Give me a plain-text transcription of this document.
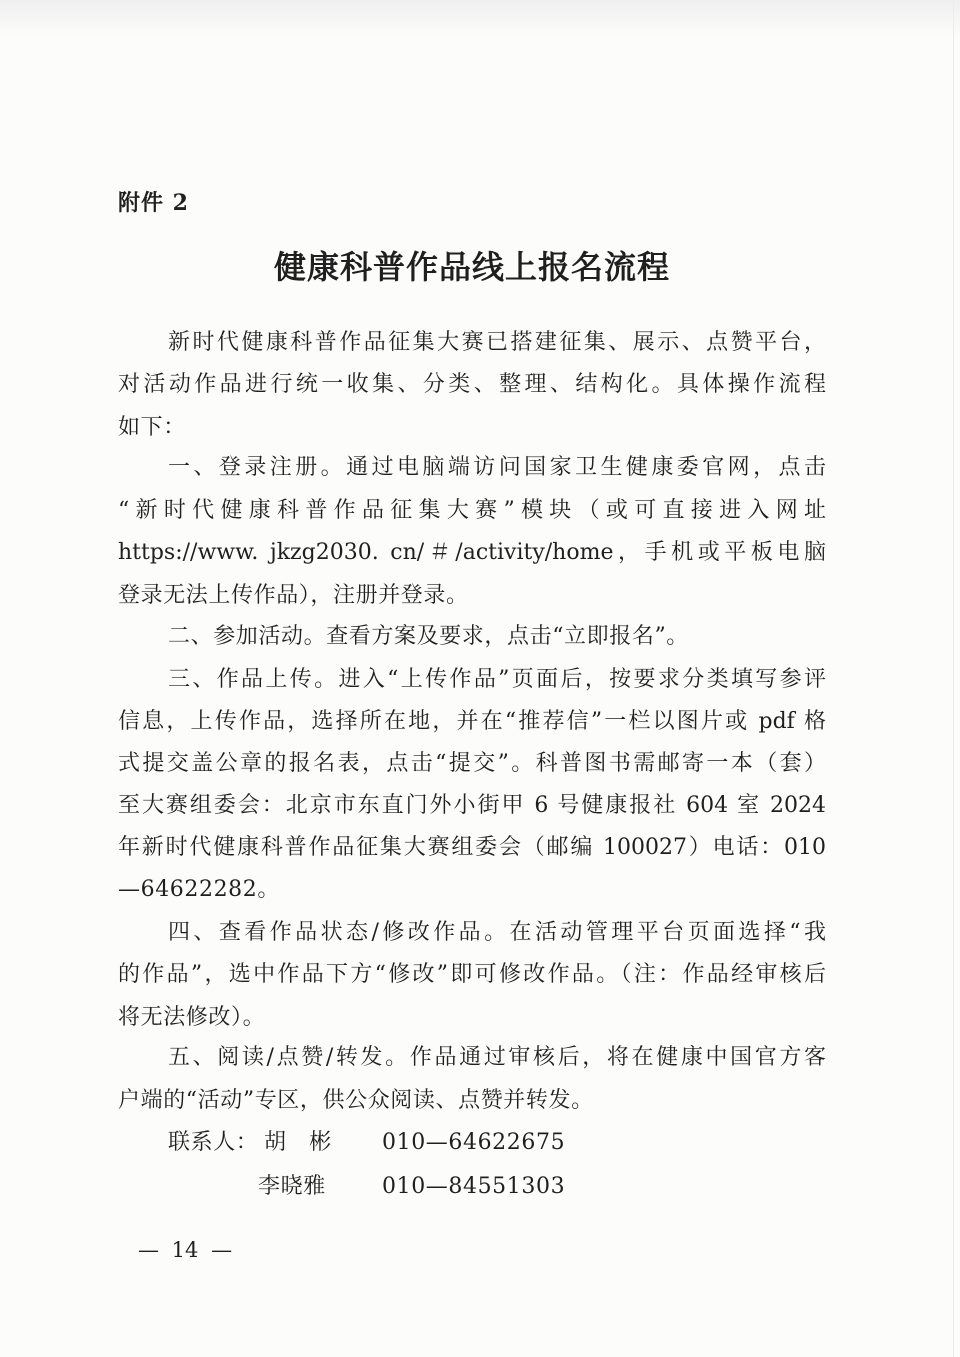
附件 2
健康科普作品线上报名流程
新时代健康科普作品征集大赛已搭建征集、展示、点赞平台，
对活动作品进行统一收集、分类、整理、结构化。具体操作流程
如下：
一、登录注册。通过电脑端访问国家卫生健康委官网，点击
“新时代健康科普作品征集大赛”模块（或可直接进入网址
https://www. jkzg2030. cn/＃/activity/home，手机或平板电脑
登录无法上传作品），注册并登录。
二、参加活动。查看方案及要求，点击“立即报名”。
三、作品上传。进入“上传作品”页面后，按要求分类填写参评
信息，上传作品，选择所在地，并在“推荐信”一栏以图片或 pdf 格
式提交盖公章的报名表，点击“提交”。科普图书需邮寄一本（套）
至大赛组委会：北京市东直门外小街甲 6 号健康报社 604 室 2024
年新时代健康科普作品征集大赛组委会（邮编 100027）电话：010
—64622282。
四、查看作品状态/修改作品。在活动管理平台页面选择“我
的作品”，选中作品下方“修改”即可修改作品。（注：作品经审核后
将无法修改）。
五、阅读/点赞/转发。作品通过审核后，将在健康中国官方客
户端的“活动”专区，供公众阅读、点赞并转发。
联系人： 胡　彬 010—64622675
李晓雅	010—84551303
— 14 —
